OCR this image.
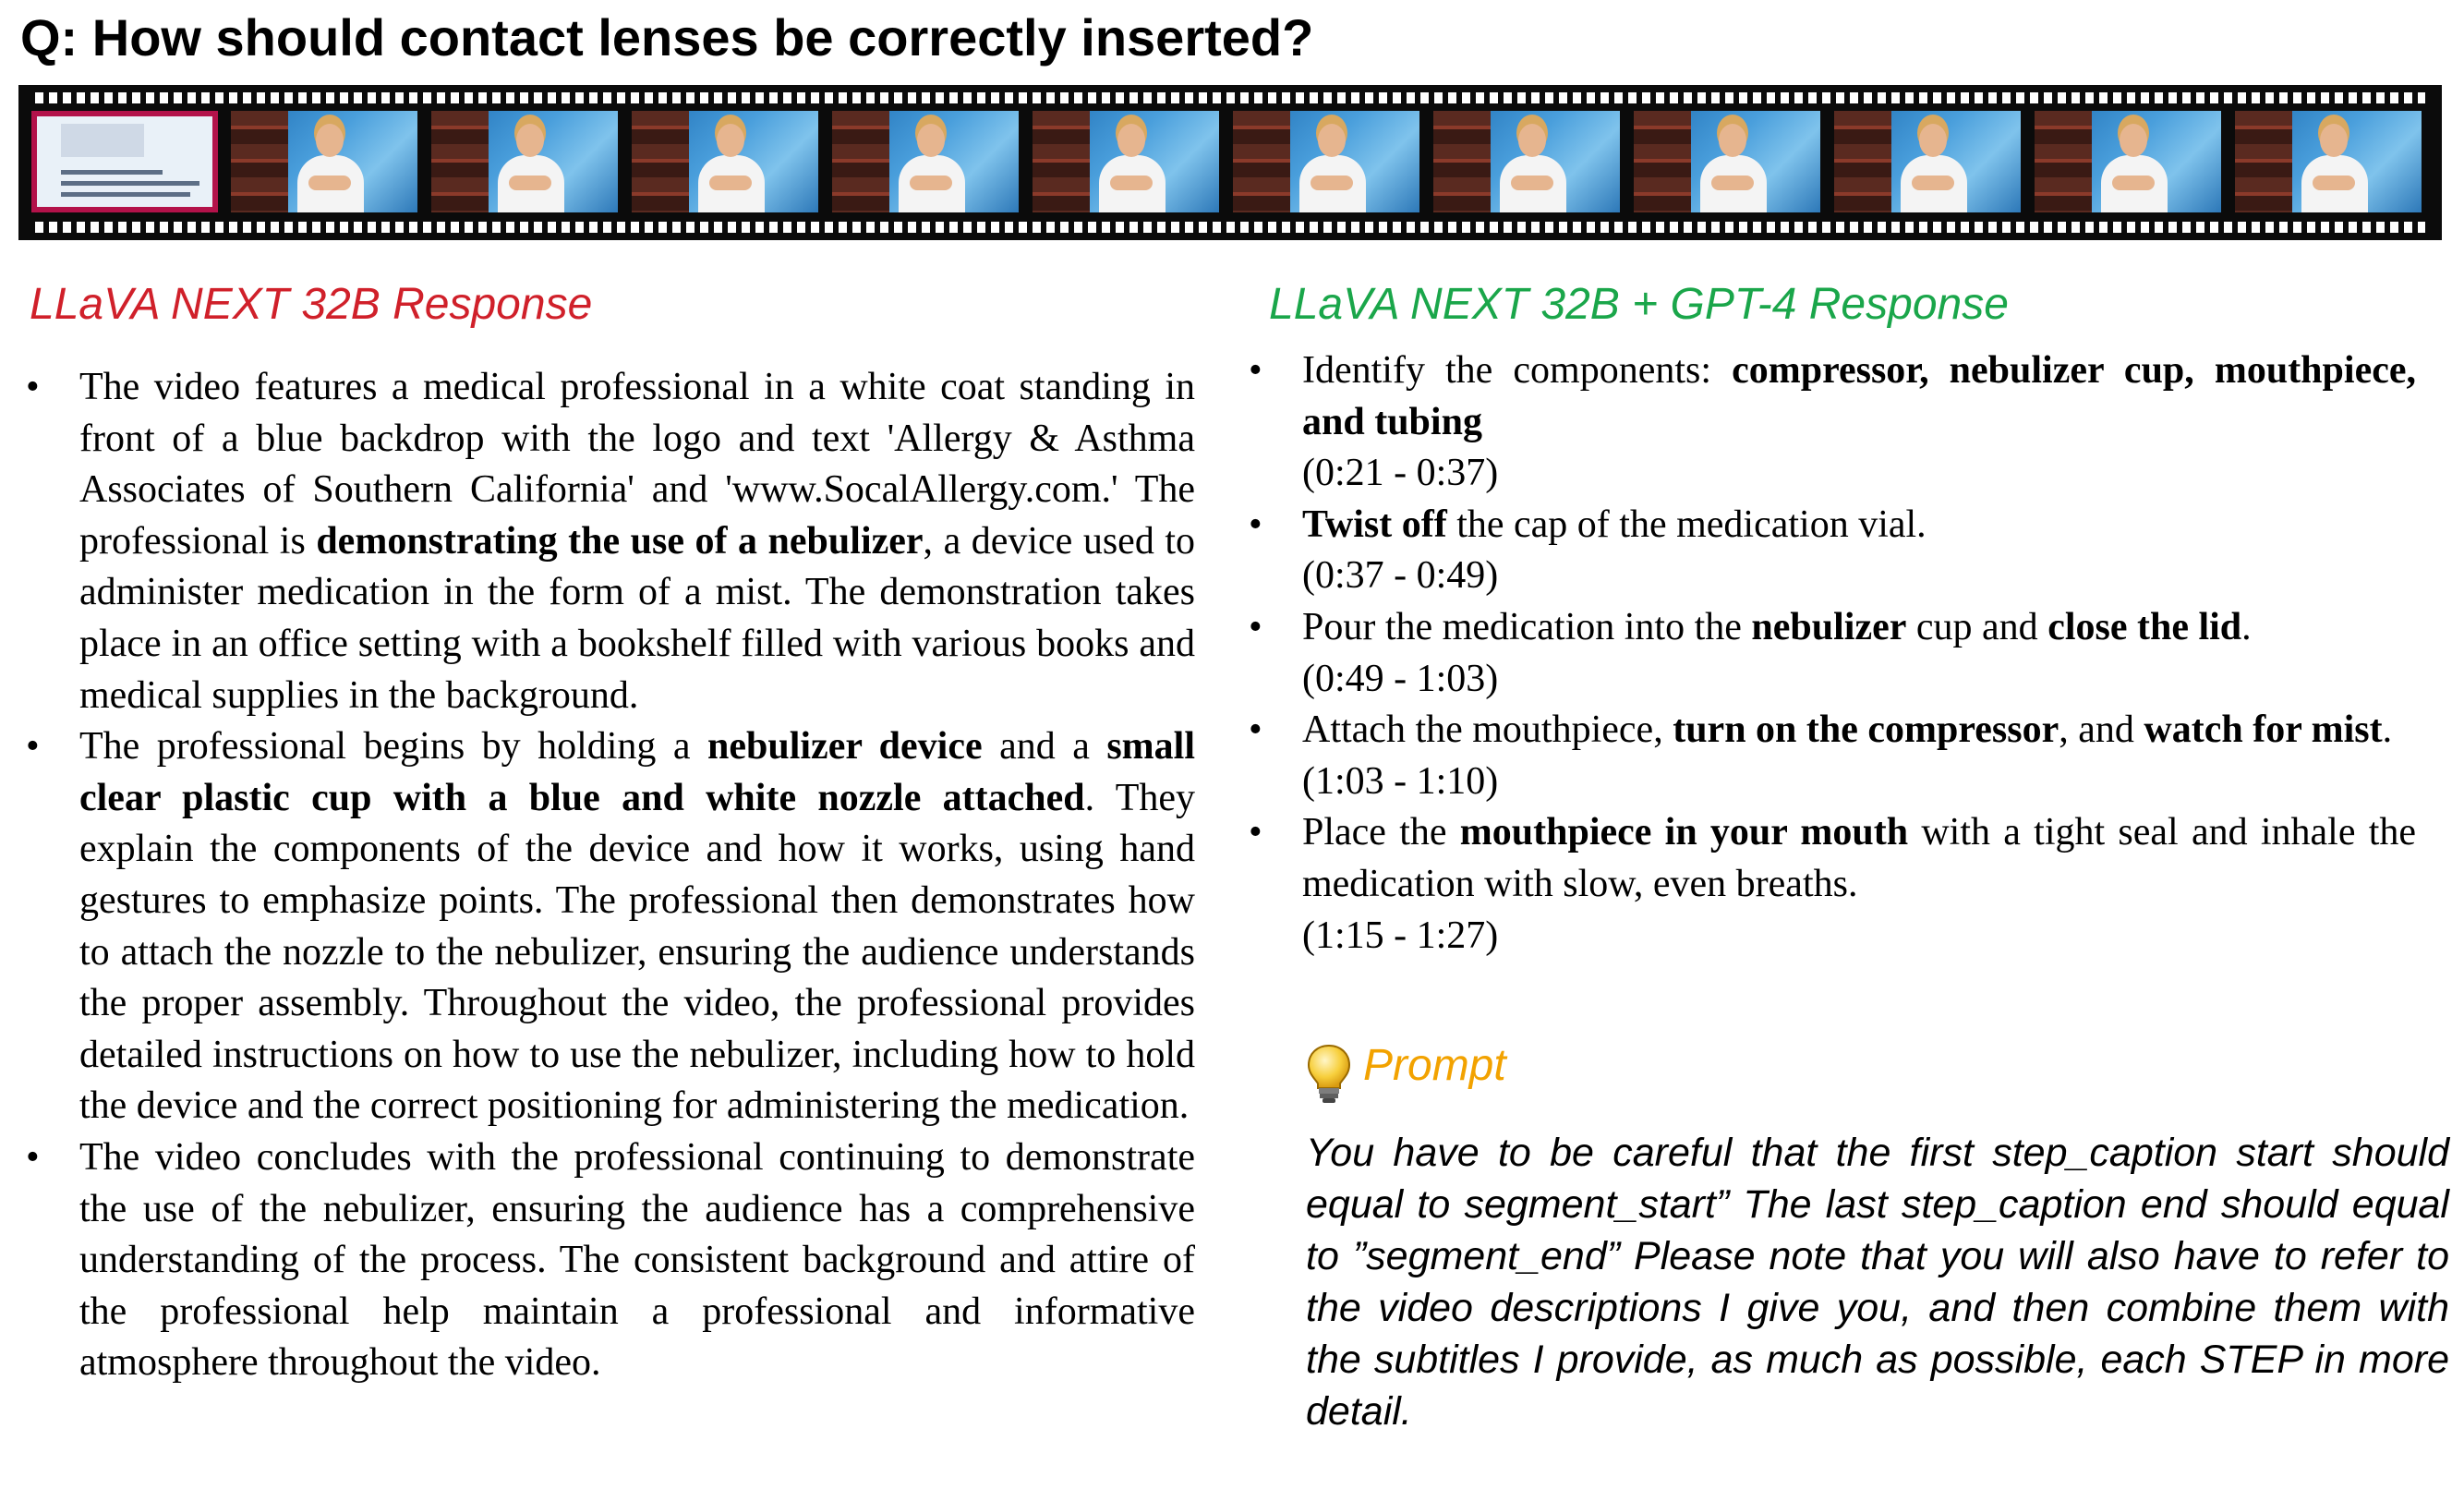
Q: How should contact lenses be correctly inserted?
LLaVA NEXT 32B Response	LLaVA NEXT 32B + GPT-4 Response
• The video features a medical professional in a white coat standing in front of a blue backdrop with the logo and text 'Allergy & Asthma Associates of Southern California' and 'www.SocalAllergy.com.' The professional is demonstrating the use of a nebulizer, a device used to administer medication in the form of a mist. The demonstration takes place in an office setting with a bookshelf filled with various books and medical supplies in the background.
• The professional begins by holding a nebulizer device and a small clear plastic cup with a blue and white nozzle attached. They explain the components of the device and how it works, using hand gestures to emphasize points. The professional then demonstrates how to attach the nozzle to the nebulizer, ensuring the audience understands the proper assembly. Throughout the video, the professional provides detailed instructions on how to use the nebulizer, including how to hold the device and the correct positioning for administering the medication.
• The video concludes with the professional continuing to demonstrate the use of the nebulizer, ensuring the audience has a comprehensive understanding of the process. The consistent background and attire of the professional help maintain a professional and informative atmosphere throughout the video.
• Identify the components: compressor, nebulizer cup, mouthpiece, and tubing
(0:21 - 0:37)
• Twist off the cap of the medication vial.
(0:37 - 0:49)
• Pour the medication into the nebulizer cup and close the lid.
(0:49 - 1:03)
• Attach the mouthpiece, turn on the compressor, and watch for mist.
(1:03 - 1:10)
• Place the mouthpiece in your mouth with a tight seal and inhale the medication with slow, even breaths.
(1:15 - 1:27)
Prompt

You have to be careful that the first step_caption start should equal to segment_start” The last step_caption end should equal to ”segment_end” Please note that you will also have to refer to the video descriptions I give you, and then combine them with the subtitles I provide, as much as possible, each STEP in more detail.
